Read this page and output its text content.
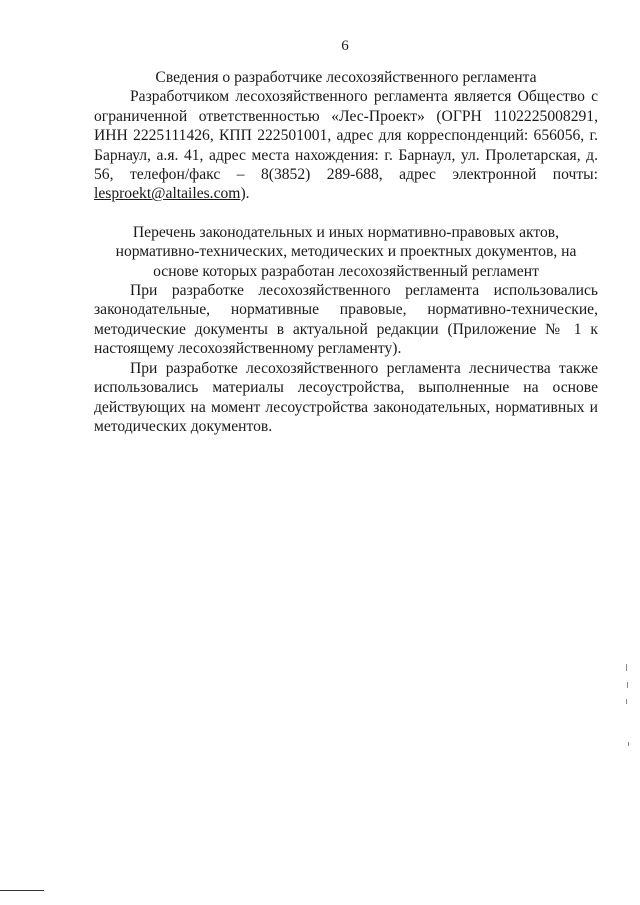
6

Сведения о разработчике лесохозяйственного регламента

Разработчиком лесохозяйственного регламента является Общество с ограниченной ответственностью «Лес-Проект» (ОГРН 1102225008291, ИНН 2225111426, КПП 222501001, адрес для корреспонденций: 656056, г. Барнаул, а.я. 41, адрес места нахождения: г. Барнаул, ул. Пролетарская, д. 56, телефон/факс – 8(3852) 289-688, адрес электронной почты: lesproekt@altailes.com).

Перечень законодательных и иных нормативно-правовых актов, нормативно-технических, методических и проектных документов, на основе которых разработан лесохозяйственный регламент

При разработке лесохозяйственного регламента использовались законодательные, нормативные правовые, нормативно-технические, методические документы в актуальной редакции (Приложение № 1 к настоящему лесохозяйственному регламенту).

При разработке лесохозяйственного регламента лесничества также использовались материалы лесоустройства, выполненные на основе действующих на момент лесоустройства законодательных, нормативных и методических документов.
